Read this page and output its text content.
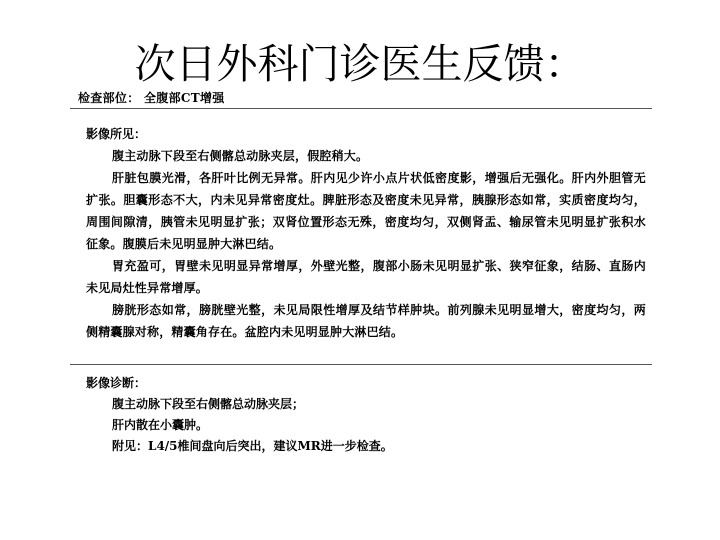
次日外科门诊医生反馈：
检查部位： 全腹部CT增强
影像所见：
腹主动脉下段至右侧髂总动脉夹层，假腔稍大。
肝脏包膜光滑，各肝叶比例无异常。肝内见少许小点片状低密度影，增强后无强化。肝内外胆管无扩张。胆囊形态不大，内未见异常密度灶。脾脏形态及密度未见异常，胰腺形态如常，实质密度均匀，周围间隙清，胰管未见明显扩张；双肾位置形态无殊，密度均匀，双侧肾盂、输尿管未见明显扩张积水征象。腹膜后未见明显肿大淋巴结。
胃充盈可，胃壁未见明显异常增厚，外壁光整，腹部小肠未见明显扩张、狭窄征象，结肠、直肠内未见局灶性异常增厚。
膀胱形态如常，膀胱壁光整，未见局限性增厚及结节样肿块。前列腺未见明显增大，密度均匀，两侧精囊腺对称，精囊角存在。盆腔内未见明显肿大淋巴结。
影像诊断：
腹主动脉下段至右侧髂总动脉夹层；
肝内散在小囊肿。
附见：L4/5椎间盘向后突出，建议MR进一步检查。
